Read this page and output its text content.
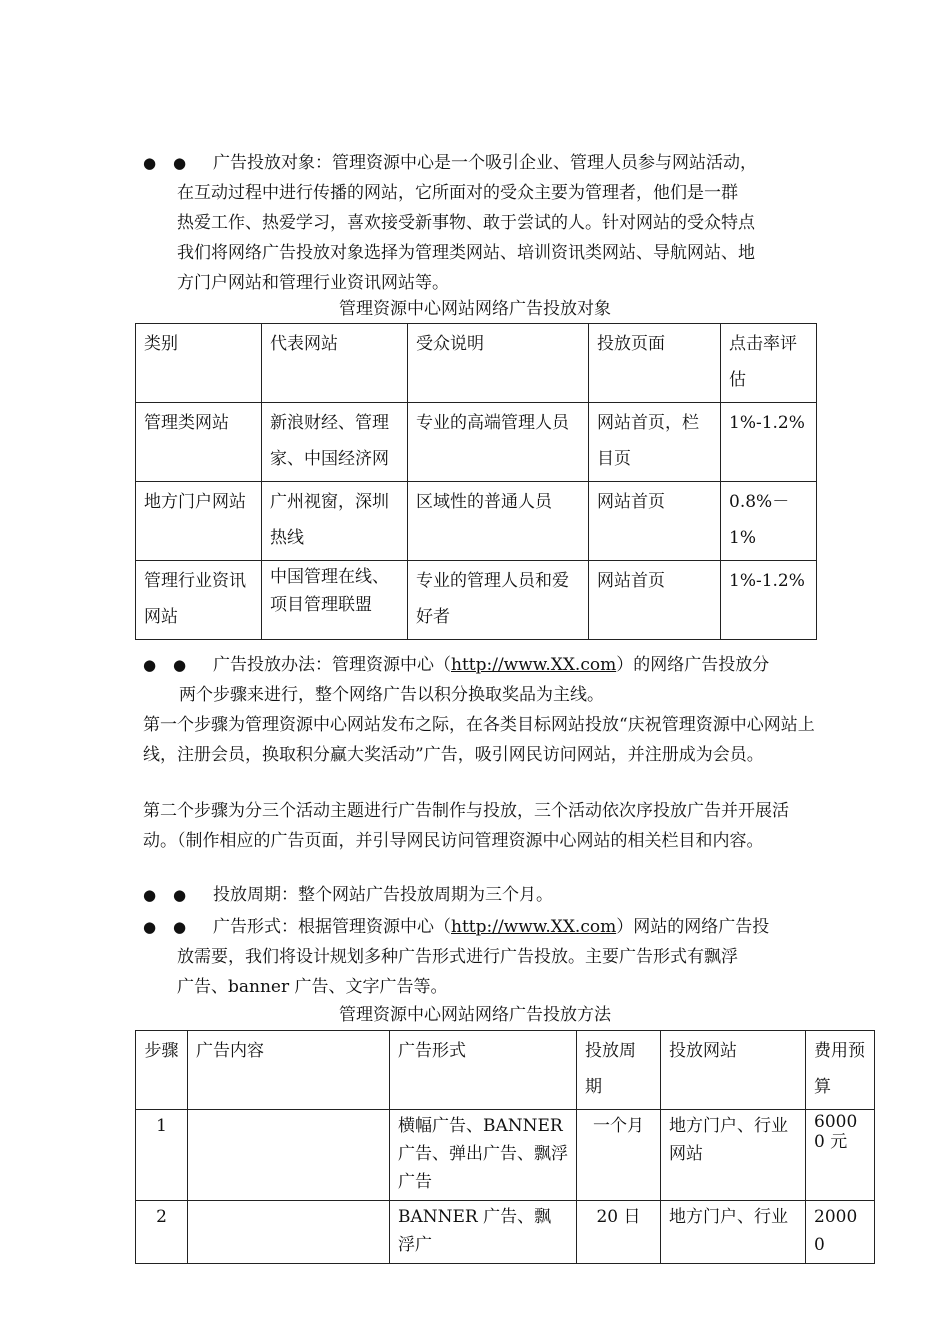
● ●	广告投放对象：管理资源中心是一个吸引企业、管理人员参与网站活动，
在互动过程中进行传播的网站，它所面对的受众主要为管理者，他们是一群
热爱工作、热爱学习，喜欢接受新事物、敢于尝试的人。针对网站的受众特点
我们将网络广告投放对象选择为管理类网站、培训资讯类网站、导航网站、地
方门户网站和管理行业资讯网站等。
管理资源中心网站网络广告投放对象
类别	代表网站	受众说明	投放页面	点击率评估
管理类网站	新浪财经、管理家、中国经济网	专业的高端管理人员	网站首页，栏目页	1%-1.2%
地方门户网站	广州视窗，深圳热线	区域性的普通人员	网站首页	0.8%－1%
管理行业资讯网站	中国管理在线、项目管理联盟	专业的管理人员和爱好者	网站首页	1%-1.2%
● ●	广告投放办法：管理资源中心（http://www.XX.com）的网络广告投放分
两个步骤来进行，整个网络广告以积分换取奖品为主线。
第一个步骤为管理资源中心网站发布之际，在各类目标网站投放“庆祝管理资源中心网站上线，注册会员，换取积分赢大奖活动”广告，吸引网民访问网站，并注册成为会员。
第二个步骤为分三个活动主题进行广告制作与投放，三个活动依次序投放广告并开展活动。（制作相应的广告页面，并引导网民访问管理资源中心网站的相关栏目和内容。
● ●	投放周期：整个网站广告投放周期为三个月。
● ●	广告形式：根据管理资源中心（http://www.XX.com）网站的网络广告投
放需要，我们将设计规划多种广告形式进行广告投放。主要广告形式有飘浮
广告、banner 广告、文字广告等。
管理资源中心网站网络广告投放方法
步骤	广告内容	广告形式	投放周期	投放网站	费用预算
1		横幅广告、BANNER 广告、弹出广告、飘浮广告	一个月	地方门户、行业网站	60000 元
2		BANNER 广告、飘浮广	20 日	地方门户、行业	20000
